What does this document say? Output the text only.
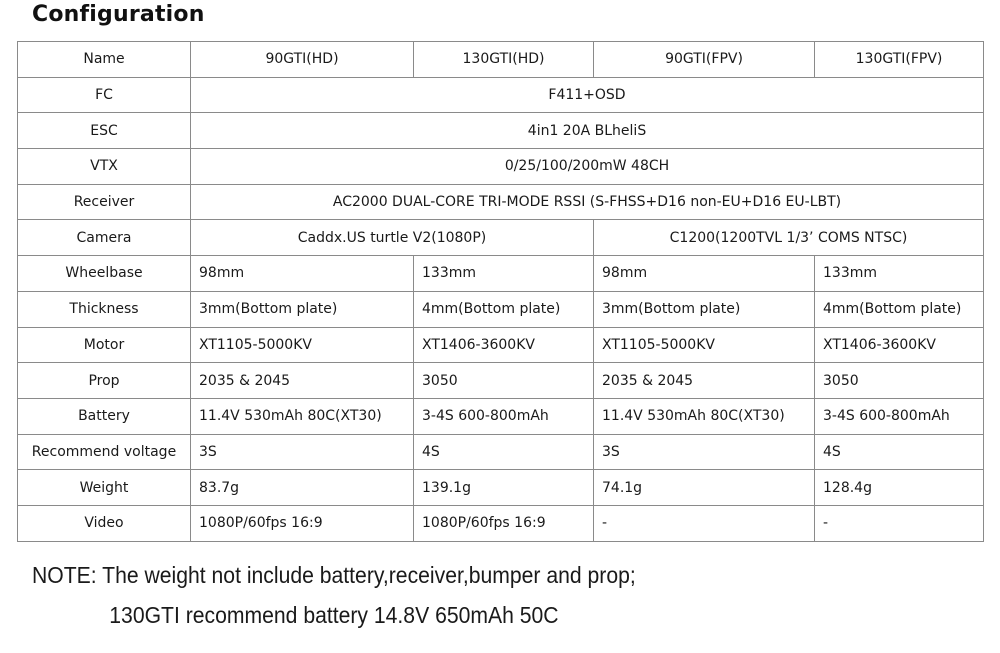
Configuration
Name	90GTI(HD)	130GTI(HD)	90GTI(FPV)	130GTI(FPV)
FC	F411+OSD			
ESC	4in1 20A BLheliS			
VTX	0/25/100/200mW 48CH			
Receiver	AC2000 DUAL-CORE TRI-MODE RSSI (S-FHSS+D16 non-EU+D16 EU-LBT)			
Camera	Caddx.US turtle V2(1080P)		C1200(1200TVL 1/3’ COMS NTSC)	
Wheelbase	98mm	133mm	98mm	133mm
Thickness	3mm(Bottom plate)	4mm(Bottom plate)	3mm(Bottom plate)	4mm(Bottom plate)
Motor	XT1105-5000KV	XT1406-3600KV	XT1105-5000KV	XT1406-3600KV
Prop	2035 & 2045	3050	2035 & 2045	3050
Battery	11.4V 530mAh 80C(XT30)	3-4S 600-800mAh	11.4V 530mAh 80C(XT30)	3-4S 600-800mAh
Recommend voltage	3S	4S	3S	4S
Weight	83.7g	139.1g	74.1g	128.4g
Video	1080P/60fps 16:9	1080P/60fps 16:9	-	-
NOTE: The weight not include battery,receiver,bumper and prop;
130GTI recommend battery 14.8V 650mAh 50C
